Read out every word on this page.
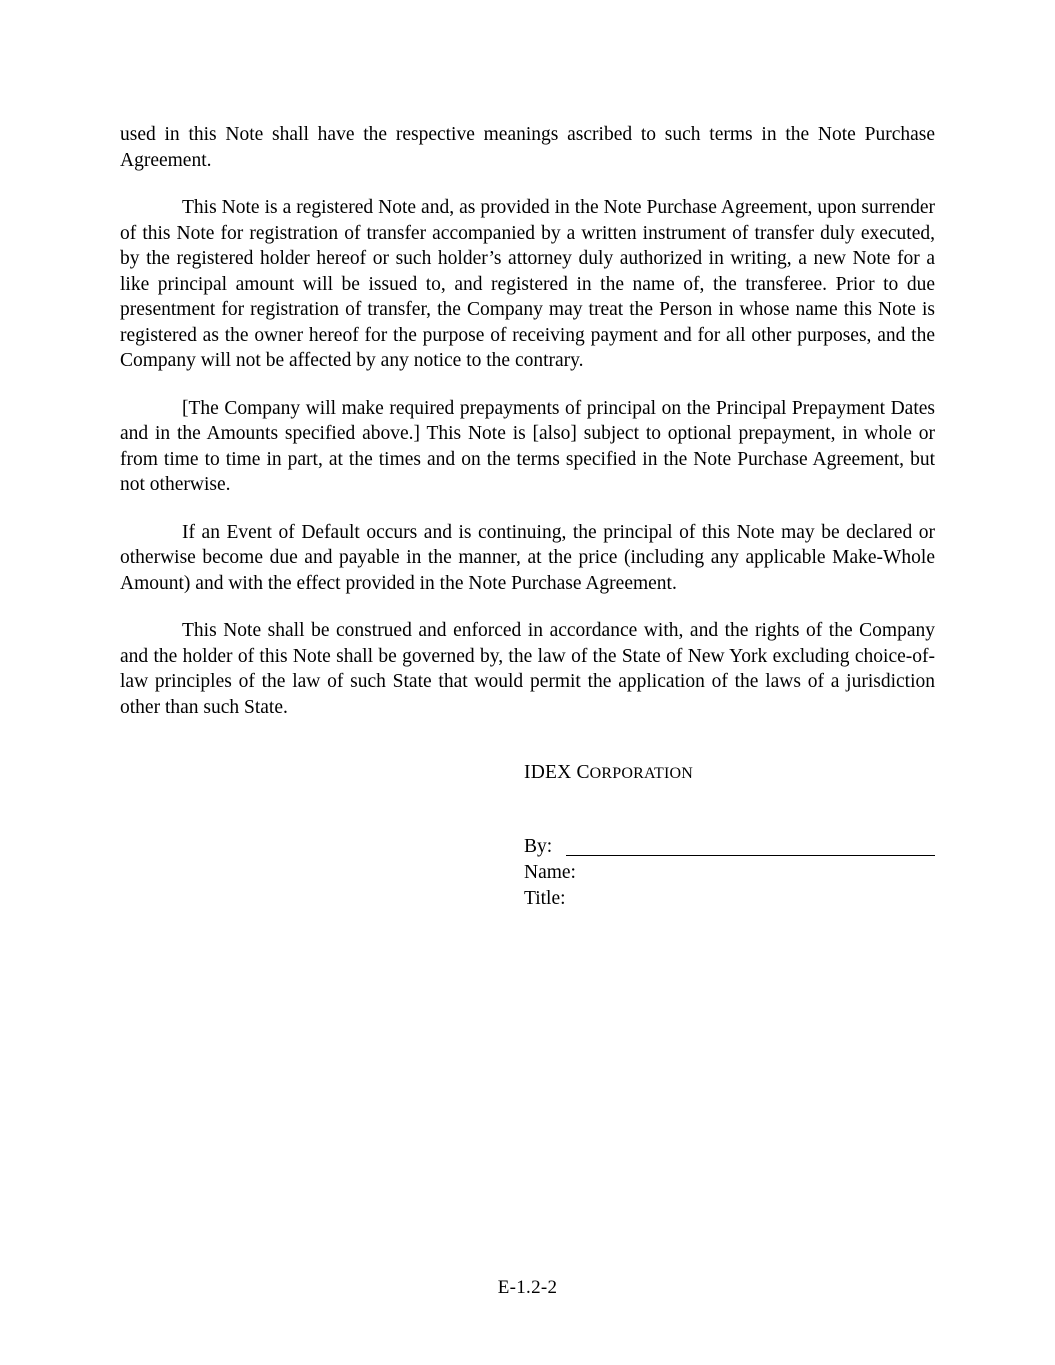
used in this Note shall have the respective meanings ascribed to such terms in the Note Purchase Agreement.

This Note is a registered Note and, as provided in the Note Purchase Agreement, upon surrender of this Note for registration of transfer accompanied by a written instrument of transfer duly executed, by the registered holder hereof or such holder’s attorney duly authorized in writing, a new Note for a like principal amount will be issued to, and registered in the name of, the transferee. Prior to due presentment for registration of transfer, the Company may treat the Person in whose name this Note is registered as the owner hereof for the purpose of receiving payment and for all other purposes, and the Company will not be affected by any notice to the contrary.

[The Company will make required prepayments of principal on the Principal Prepayment Dates and in the Amounts specified above.] This Note is [also] subject to optional prepayment, in whole or from time to time in part, at the times and on the terms specified in the Note Purchase Agreement, but not otherwise.

If an Event of Default occurs and is continuing, the principal of this Note may be declared or otherwise become due and payable in the manner, at the price (including any applicable Make-Whole Amount) and with the effect provided in the Note Purchase Agreement.

This Note shall be construed and enforced in accordance with, and the rights of the Company and the holder of this Note shall be governed by, the law of the State of New York excluding choice-of-law principles of the law of such State that would permit the application of the laws of a jurisdiction other than such State.

IDEX CORPORATION
By:
Name:
Title:
E-1.2-2
